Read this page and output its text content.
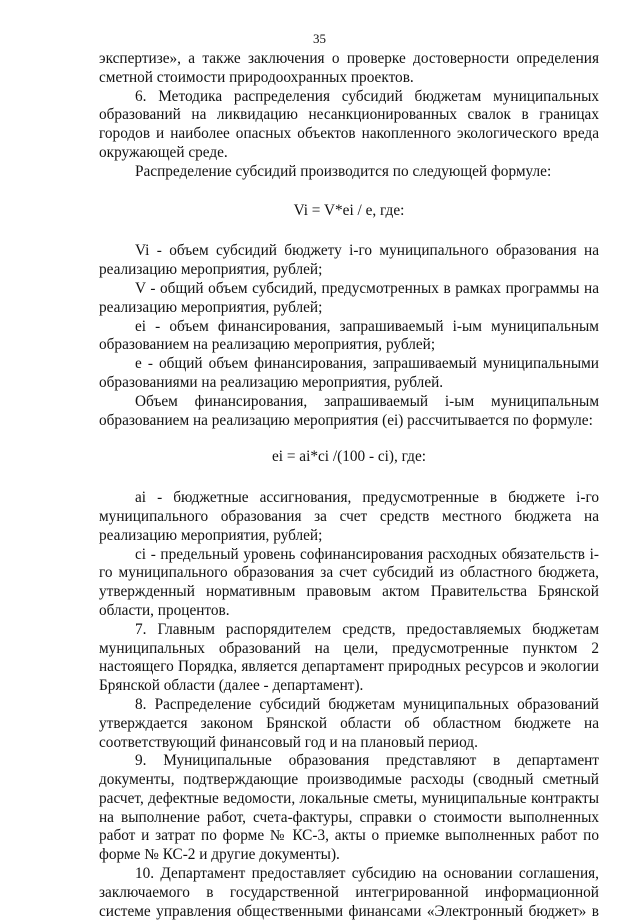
35

экспертизе», а также заключения о проверке достоверности определения сметной стоимости природоохранных проектов.

6. Методика распределения субсидий бюджетам муниципальных образований на ликвидацию несанкционированных свалок в границах городов и наиболее опасных объектов накопленного экологического вреда окружающей среде.

Распределение субсидий производится по следующей формуле:

Vi = V*ei / e, где:

Vi - объем субсидий бюджету i-го муниципального образования на реализацию мероприятия, рублей;

V - общий объем субсидий, предусмотренных в рамках программы на реализацию мероприятия, рублей;

ei - объем финансирования, запрашиваемый i-ым муниципальным образованием на реализацию мероприятия, рублей;

e - общий объем финансирования, запрашиваемый муниципальными образованиями на реализацию мероприятия, рублей.

Объем финансирования, запрашиваемый i-ым муниципальным образованием на реализацию мероприятия (ei) рассчитывается по формуле:

ei = ai*ci /(100 - ci), где:

ai - бюджетные ассигнования, предусмотренные в бюджете i-го муниципального образования за счет средств местного бюджета на реализацию мероприятия, рублей;

ci - предельный уровень софинансирования расходных обязательств i-го муниципального образования за счет субсидий из областного бюджета, утвержденный нормативным правовым актом Правительства Брянской области, процентов.

7. Главным распорядителем средств, предоставляемых бюджетам муниципальных образований на цели, предусмотренные пунктом 2 настоящего Порядка, является департамент природных ресурсов и экологии Брянской области (далее - департамент).

8. Распределение субсидий бюджетам муниципальных образований утверждается законом Брянской области об областном бюджете на соответствующий финансовый год и на плановый период.

9. Муниципальные образования представляют в департамент документы, подтверждающие производимые расходы (сводный сметный расчет, дефектные ведомости, локальные сметы, муниципальные контракты на выполнение работ, счета-фактуры, справки о стоимости выполненных работ и затрат по форме № КС-3, акты о приемке выполненных работ по форме № КС-2 и другие документы).

10. Департамент предоставляет субсидию на основании соглашения, заключаемого в государственной интегрированной информационной системе управления общественными финансами «Электронный бюджет» в
